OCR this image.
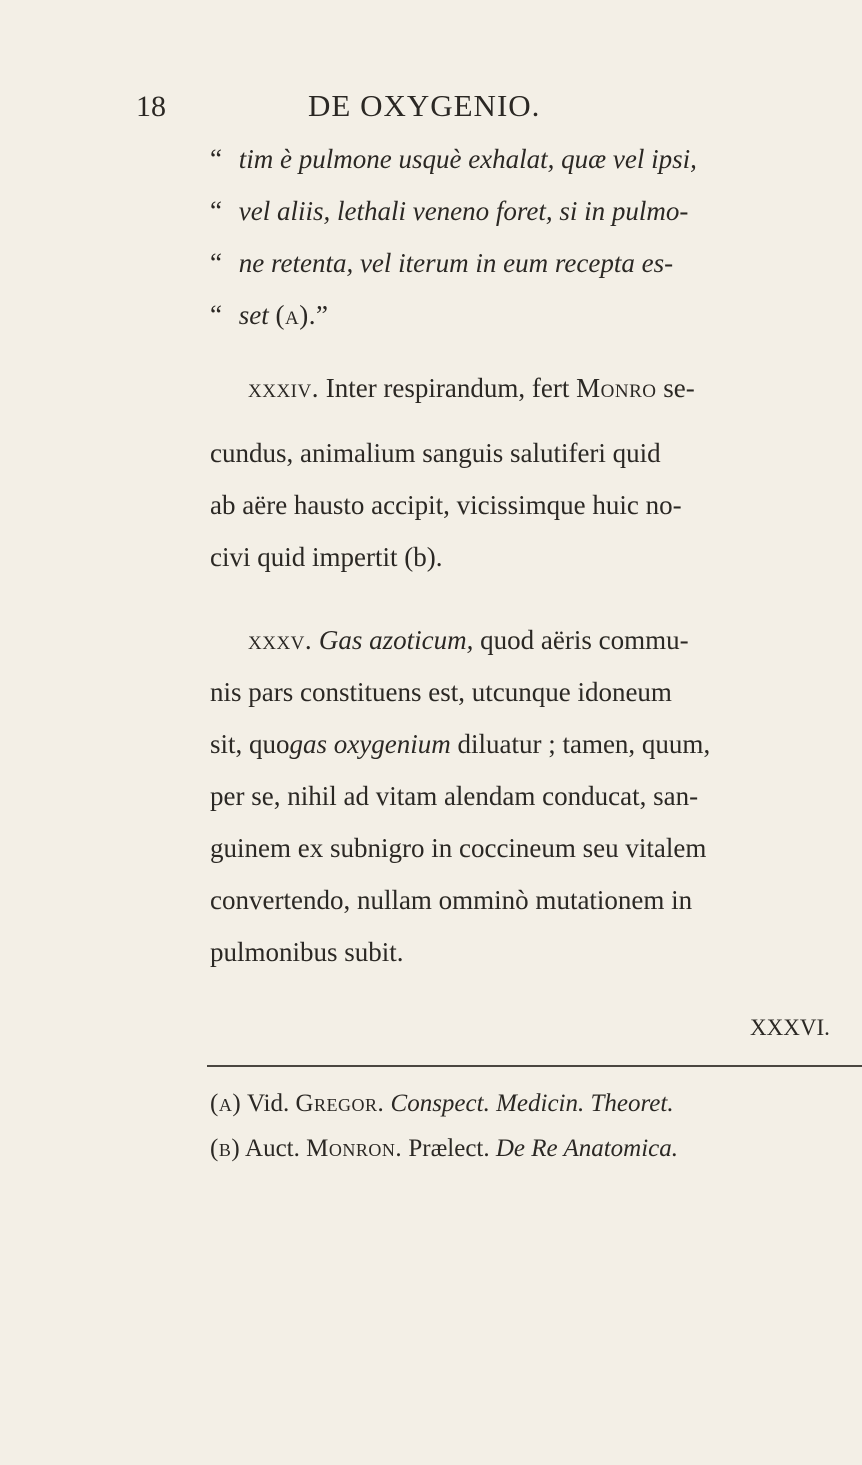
18	DE OXYGENIO.
“ tim è pulmone usquè exhalat, quæ vel ipsi,
“ vel aliis, lethali veneno foret, si in pulmo-
“ ne retenta, vel iterum in eum recepta es-
“ set (a).”
xxxiv. Inter respirandum, fert Monro se-
cundus, animalium sanguis salutiferi quid
ab aëre hausto accipit, vicissimque huic no-
civi quid impertit (b).
xxxv. Gas azoticum, quod aëris commu-
nis pars constituens est, utcunque idoneum
sit, quogas oxygenium diluatur ; tamen, quum,
per se, nihil ad vitam alendam conducat, san-
guinem ex subnigro in coccineum seu vitalem
convertendo, nullam omminò mutationem in
pulmonibus subit.
XXXVI.
(a) Vid. Gregor. Conspect. Medicin. Theoret.
(b) Auct. Monron. Prælect. De Re Anatomica.
